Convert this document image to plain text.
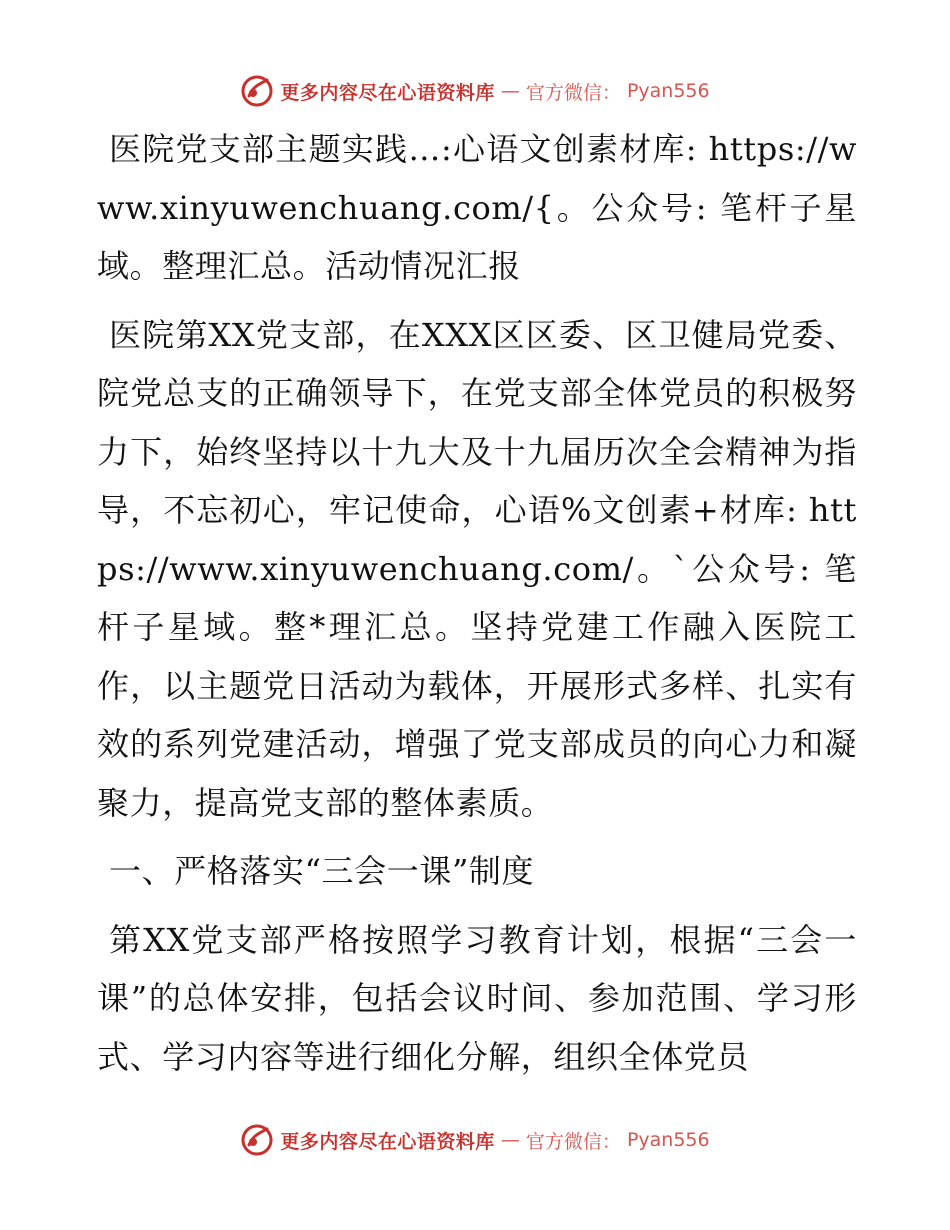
更多内容尽在心语资料库 — 官方微信： Pyan556

医院党支部主题实践…:心语文创素材库: https://www.xinyuwenchuang.com/{。公众号: 笔杆子星域。整理汇总。活动情况汇报

医院第XX党支部，在XXX区区委、区卫健局党委、院党总支的正确领导下，在党支部全体党员的积极努力下，始终坚持以十九大及十九届历次全会精神为指导，不忘初心，牢记使命，心语%文创素+材库: https://www.xinyuwenchuang.com/。`公众号: 笔杆子星域。整*理汇总。坚持党建工作融入医院工作，以主题党日活动为载体，开展形式多样、扎实有效的系列党建活动，增强了党支部成员的向心力和凝聚力，提高党支部的整体素质。

一、严格落实“三会一课”制度

第XX党支部严格按照学习教育计划，根据“三会一课”的总体安排，包括会议时间、参加范围、学习形式、学习内容等进行细化分解，组织全体党员

更多内容尽在心语资料库 — 官方微信： Pyan556
